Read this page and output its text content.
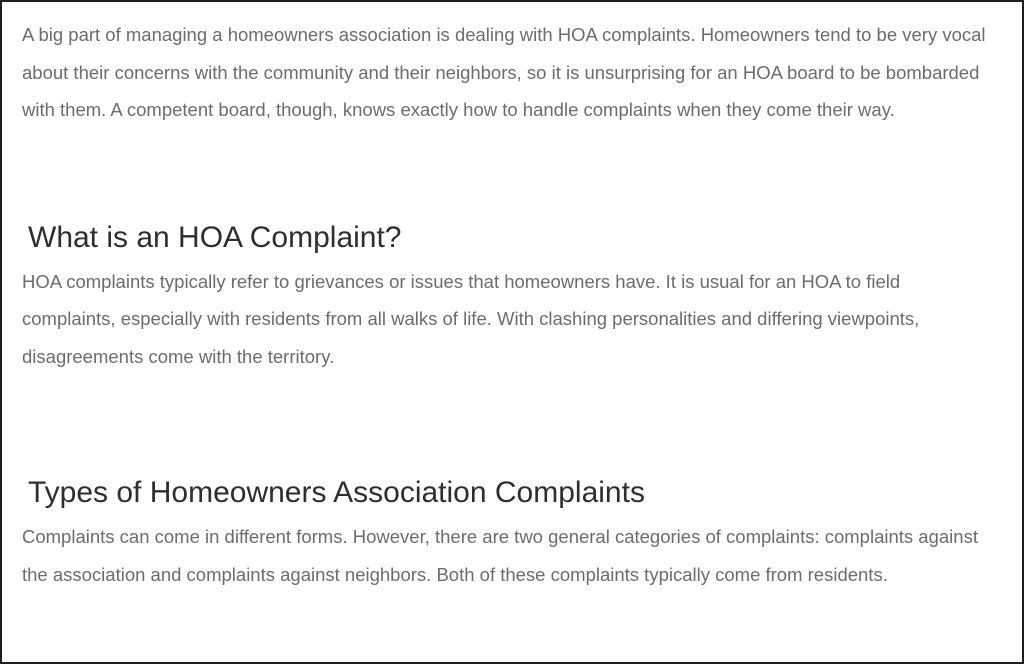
A big part of managing a homeowners association is dealing with HOA complaints. Homeowners tend to be very vocal about their concerns with the community and their neighbors, so it is unsurprising for an HOA board to be bombarded with them. A competent board, though, knows exactly how to handle complaints when they come their way.

What is an HOA Complaint?

HOA complaints typically refer to grievances or issues that homeowners have. It is usual for an HOA to field complaints, especially with residents from all walks of life. With clashing personalities and differing viewpoints, disagreements come with the territory.

Types of Homeowners Association Complaints

Complaints can come in different forms. However, there are two general categories of complaints: complaints against the association and complaints against neighbors. Both of these complaints typically come from residents.
